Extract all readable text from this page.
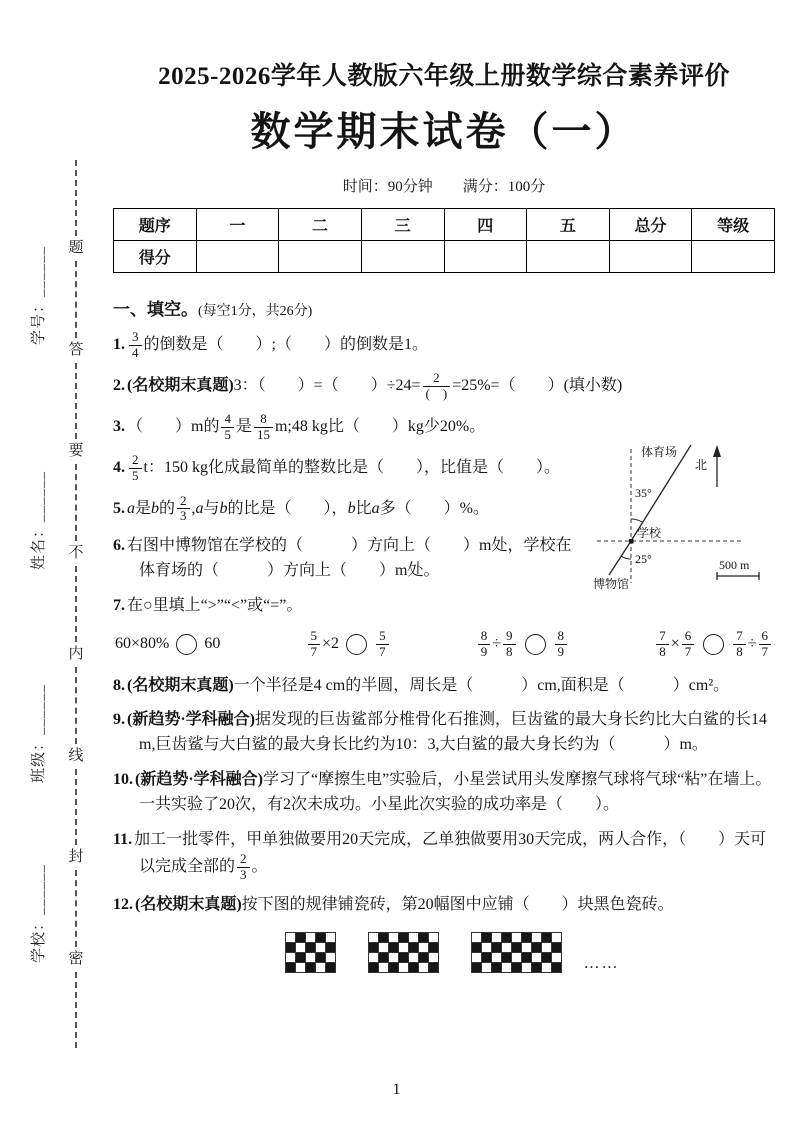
题
答
要
不
内
线
封
密
学号：______
姓名：______
班级：______
学校：______
2025-2026学年人教版六年级上册数学综合素养评价
数学期末试卷（一）
时间：90分钟　　满分：100分
题序	一	二	三	四	五	总分	等级
得分							
一、填空。(每空1分，共26分)
1. $\frac{3}{4}$ 的倒数是（　　）;（　　）的倒数是1。
2. (名校期末真题)3：（　　）=（　　）$\div 24= \frac{2}{( )} =25\%=$（　　）(填小数)
3. （　　）m的 $\frac{4}{5}$ 是 $\frac{8}{15}$ m;48 kg比（　　）kg少20%。
体育场
北
35°
学校
25°
博物馆
500 m
4. $\frac{2}{5}$ t：150 kg化成最简单的整数比是（　　），比值是（　　）。
5. a是b的 $\frac{2}{3} ,a$与b的比是（　　），b比a多（　　）%。
6. 右图中博物馆在学校的（　　　）方向上（　　）m处，学校在体育场的（　　　）方向上（　　）m处。
7. 在○里填上“>”“<”或“=”。
60×80% 60	$\frac{5}{7} \times 2$	$\frac{5}{7}$	$\frac{8}{9} \div \frac{9}{8}$	$\frac{8}{9}$	$\frac{7}{8} \times \frac{6}{7}$	$\frac{7}{8} \div \frac{6}{7}$
8. (名校期末真题)一个半径是4 cm的半圆，周长是（　　　）cm,面积是（　　　）cm²。
9. (新趋势·学科融合)据发现的巨齿鲨部分椎骨化石推测，巨齿鲨的最大身长约比大白鲨的长14 m,巨齿鲨与大白鲨的最大身长比约为10：3,大白鲨的最大身长约为（　　　）m。
10. (新趋势·学科融合)学习了“摩擦生电”实验后，小星尝试用头发摩擦气球将气球“粘”在墙上。一共实验了20次，有2次未成功。小星此次实验的成功率是（　　）。
11. 加工一批零件，甲单独做要用20天完成，乙单独做要用30天完成，两人合作，（　　）天可以完成全部的 $\frac{2}{3}$ 。
12. (名校期末真题)按下图的规律铺瓷砖，第20幅图中应铺（　　）块黑色瓷砖。

								……
1
